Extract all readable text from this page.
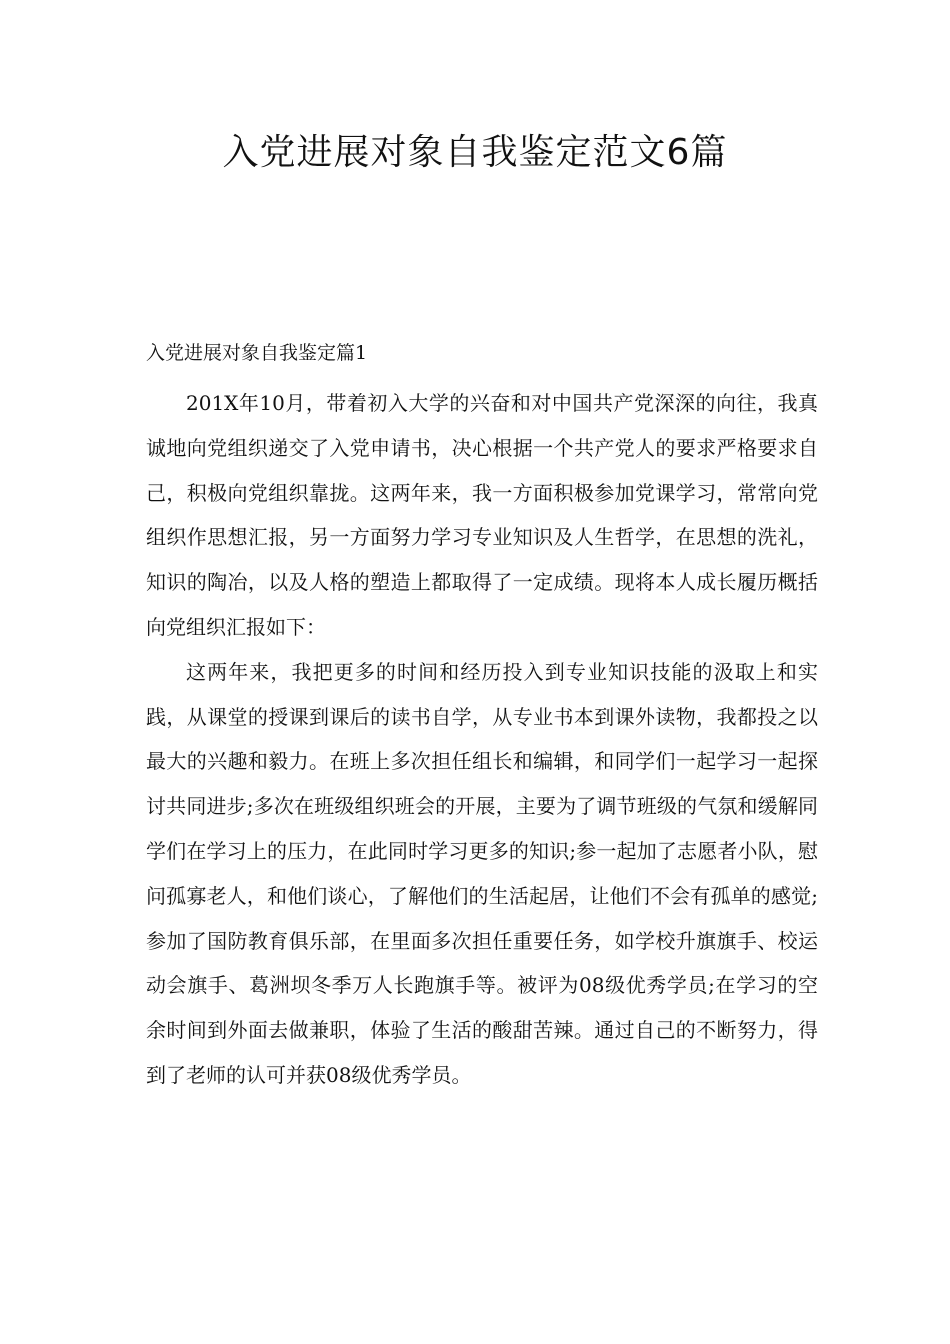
入党进展对象自我鉴定范文6篇
入党进展对象自我鉴定篇1

201X年10月，带着初入大学的兴奋和对中国共产党深深的向往，我真诚地向党组织递交了入党申请书，决心根据一个共产党人的要求严格要求自己，积极向党组织靠拢。这两年来，我一方面积极参加党课学习，常常向党组织作思想汇报，另一方面努力学习专业知识及人生哲学，在思想的洗礼，知识的陶冶，以及人格的塑造上都取得了一定成绩。现将本人成长履历概括向党组织汇报如下：

这两年来，我把更多的时间和经历投入到专业知识技能的汲取上和实践，从课堂的授课到课后的读书自学，从专业书本到课外读物，我都投之以最大的兴趣和毅力。在班上多次担任组长和编辑，和同学们一起学习一起探讨共同进步;多次在班级组织班会的开展，主要为了调节班级的气氛和缓解同学们在学习上的压力，在此同时学习更多的知识;参一起加了志愿者小队，慰问孤寡老人，和他们谈心，了解他们的生活起居，让他们不会有孤单的感觉;参加了国防教育俱乐部，在里面多次担任重要任务，如学校升旗旗手、校运动会旗手、葛洲坝冬季万人长跑旗手等。被评为08级优秀学员;在学习的空余时间到外面去做兼职，体验了生活的酸甜苦辣。通过自己的不断努力，得到了老师的认可并获08级优秀学员。
